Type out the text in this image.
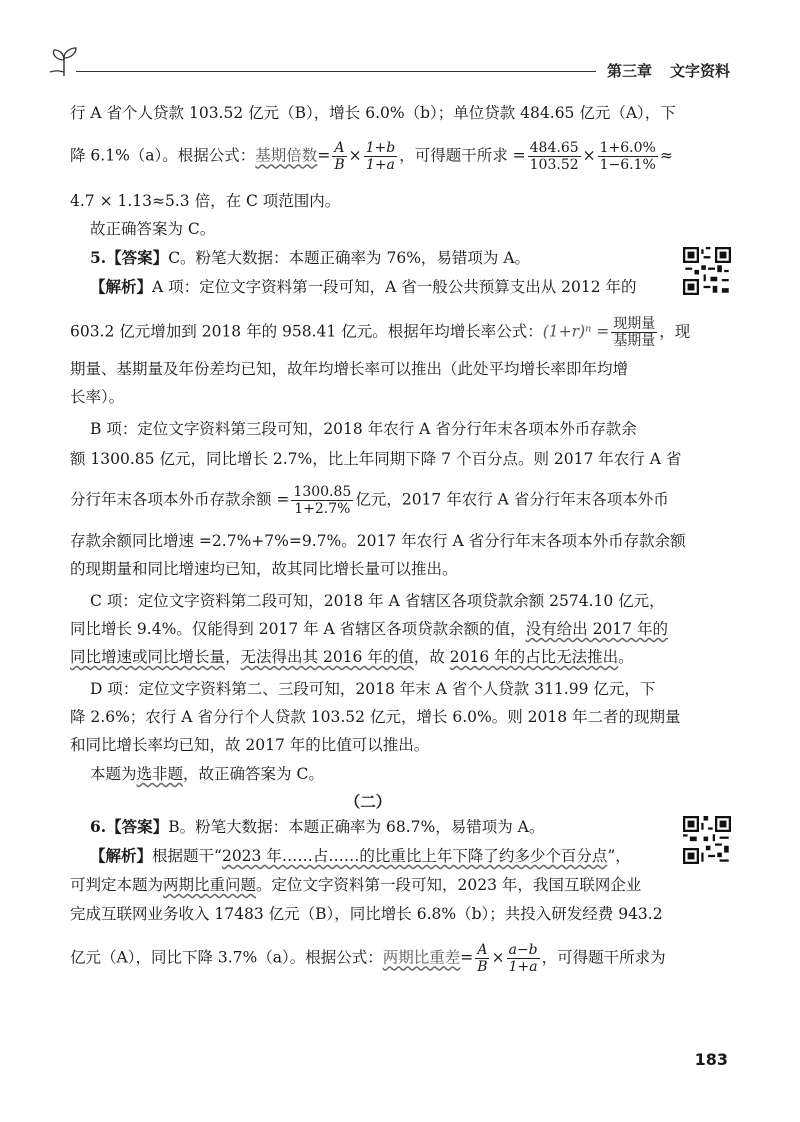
第三章 文字资料
行 A 省个人贷款 103.52 亿元（B），增长 6.0%（b）；单位贷款 484.65 亿元（A），下
降 6.1%（a）。根据公式：基期倍数= $\frac{A}{B} \times \frac{1+b}{1+a}$ ，可得题干所求 = $\frac{484.65}{103.52} \times \frac{1+6.0\%}{1-6.1\%}$ ≈
4.7 × 1.13≈5.3 倍，在 C 项范围内。
故正确答案为 C。
5.【答案】C。粉笔大数据：本题正确率为 76%，易错项为 A。
【解析】A 项：定位文字资料第一段可知，A 省一般公共预算支出从 2012 年的
603.2 亿元增加到 2018 年的 958.41 亿元。根据年均增长率公式：$(1+r)^n = \frac{\text{现期量}}{\text{基期量}}$ ，现
期量、基期量及年份差均已知，故年均增长率可以推出（此处平均增长率即年均增
长率）。
B 项：定位文字资料第三段可知，2018 年农行 A 省分行年末各项本外币存款余
额 1300.85 亿元，同比增长 2.7%，比上年同期下降 7 个百分点。则 2017 年农行 A 省
分行年末各项本外币存款余额 = $\frac{1300.85}{1+2.7\%}$ 亿元，2017 年农行 A 省分行年末各项本外币
存款余额同比增速 =2.7%+7%=9.7%。2017 年农行 A 省分行年末各项本外币存款余额
的现期量和同比增速均已知，故其同比增长量可以推出。
C 项：定位文字资料第二段可知，2018 年 A 省辖区各项贷款余额 2574.10 亿元，
同比增长 9.4%。仅能得到 2017 年 A 省辖区各项贷款余额的值，没有给出 2017 年的
同比增速或同比增长量，无法得出其 2016 年的值，故 2016 年的占比无法推出。
D 项：定位文字资料第二、三段可知，2018 年末 A 省个人贷款 311.99 亿元，下
降 2.6%；农行 A 省分行个人贷款 103.52 亿元，增长 6.0%。则 2018 年二者的现期量
和同比增长率均已知，故 2017 年的比值可以推出。
本题为选非题，故正确答案为 C。
（二）
6.【答案】B。粉笔大数据：本题正确率为 68.7%，易错项为 A。
【解析】根据题干“2023 年……占……的比重比上年下降了约多少个百分点”，
可判定本题为两期比重问题。定位文字资料第一段可知，2023 年，我国互联网企业
完成互联网业务收入 17483 亿元（B），同比增长 6.8%（b）；共投入研发经费 943.2
亿元（A），同比下降 3.7%（a）。根据公式：两期比重差= $\frac{A}{B} \times \frac{a-b}{1+a}$ ，可得题干所求为
183
